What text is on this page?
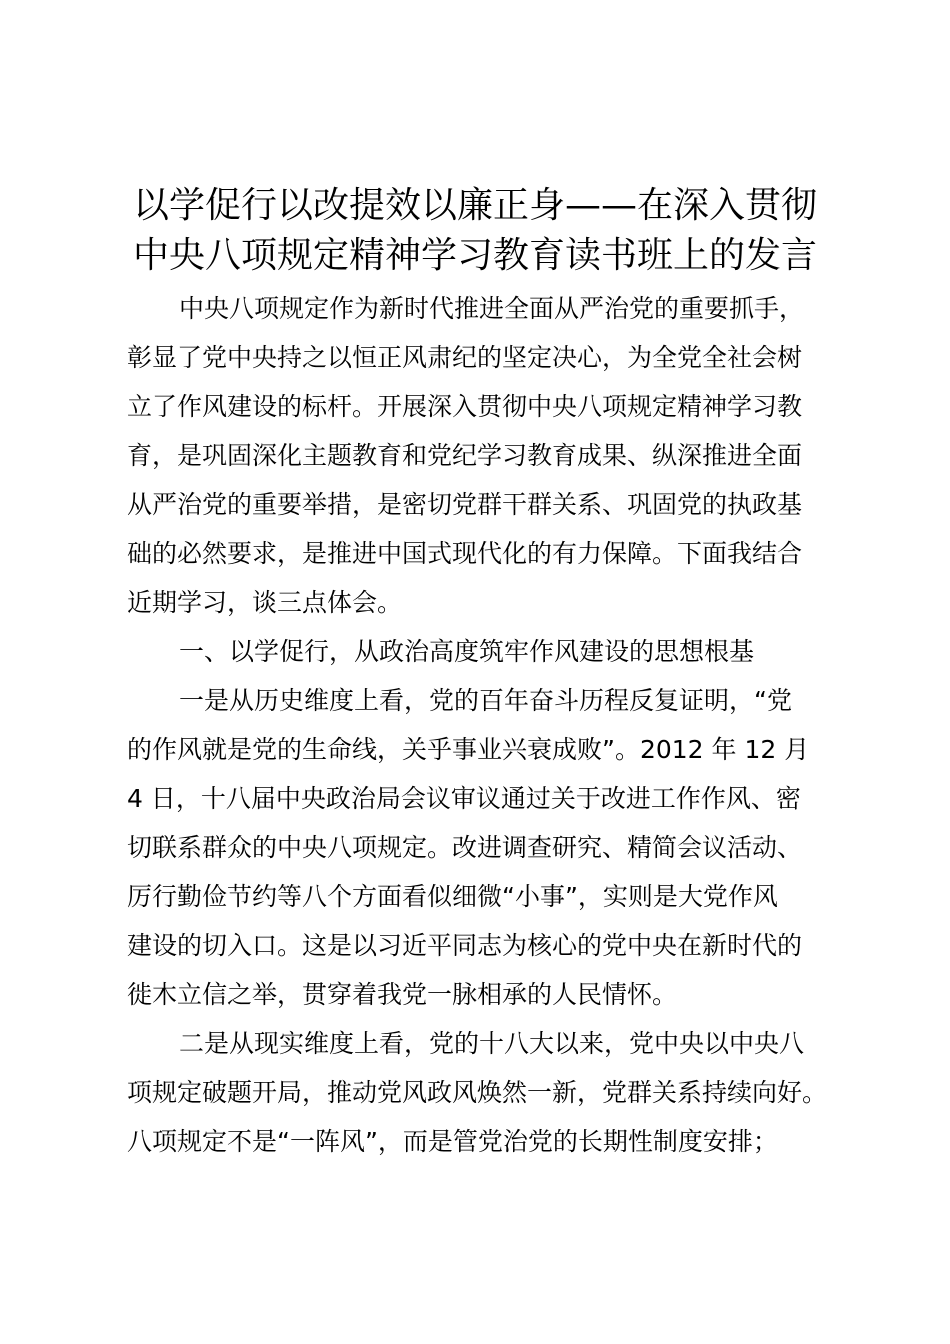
以学促行以改提效以廉正身——在深入贯彻
中央八项规定精神学习教育读书班上的发言

中央八项规定作为新时代推进全面从严治党的重要抓手，
彰显了党中央持之以恒正风肃纪的坚定决心，为全党全社会树
立了作风建设的标杆。开展深入贯彻中央八项规定精神学习教
育，是巩固深化主题教育和党纪学习教育成果、纵深推进全面
从严治党的重要举措，是密切党群干群关系、巩固党的执政基
础的必然要求，是推进中国式现代化的有力保障。下面我结合
近期学习，谈三点体会。

一、以学促行，从政治高度筑牢作风建设的思想根基

一是从历史维度上看，党的百年奋斗历程反复证明，“党
的作风就是党的生命线，关乎事业兴衰成败”。2012 年 12 月
4 日，十八届中央政治局会议审议通过关于改进工作作风、密
切联系群众的中央八项规定。改进调查研究、精简会议活动、
厉行勤俭节约等八个方面看似细微“小事”，实则是大党作风
建设的切入口。这是以习近平同志为核心的党中央在新时代的
徙木立信之举，贯穿着我党一脉相承的人民情怀。

二是从现实维度上看，党的十八大以来，党中央以中央八
项规定破题开局，推动党风政风焕然一新，党群关系持续向好。
八项规定不是“一阵风”，而是管党治党的长期性制度安排；
